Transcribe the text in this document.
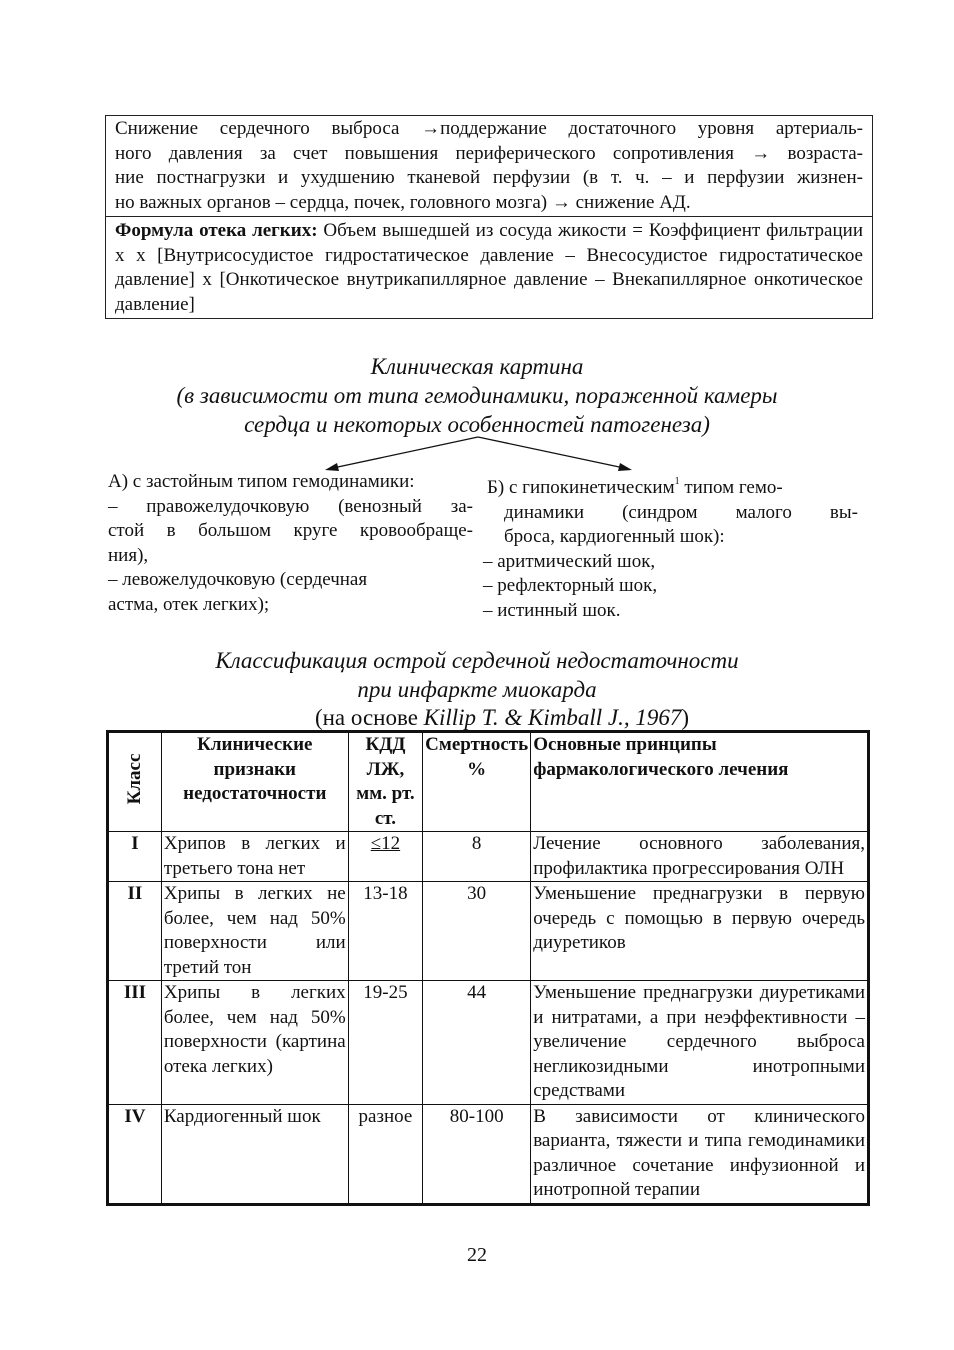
Снижение сердечного выброса →поддержание достаточного уровня артериаль-

ного давления за счет повышения периферического сопротивления → возраста-

ние постнагрузки и ухудшению тканевой перфузии (в т. ч. – и перфузии жизнен-

но важных органов – сердца, почек, головного мозга) → снижение АД.

Формула отека легких: Объем вышедшей из сосуда жикости = Коэффициент фильтрации х х [Внутрисосудистое гидростатическое давление – Внесосудистое гидростатическое давление] х [Онкотическое внутрикапиллярное давление – Внекапиллярное онкотическое давление]

Клиническая картина
(в зависимости от типа гемодинамики, пораженной камеры
сердца и некоторых особенностей патогенеза)
А) с застойным типом гемодинамики:
– правожелудочковую (венозный за-
стой в большом круге кровообраще-
ния),
– левожелудочковую (сердечная
астма, отек легких);
Б) с гипокинетическим$^1$ типом гемо-
динамики (синдром малого вы-
броса, кардиогенный шок):
– аритмический шок,
– рефлекторный шок,
– истинный шок.
Классификация острой сердечной недостаточности
при инфаркте миокарда
(на основе Killip T. & Kimball J., 1967)
Класс	Клинические признаки недостаточности	КДД ЛЖ, мм. рт. ст.	Смертность %	Основные принципы фармакологического лечения
I	Хрипов в легких и третьего тона нет	≤12	8	Лечение основного заболевания, профилактика прогрессирования ОЛН
II	Хрипы в легких не более, чем над 50% поверхности или третий тон	13-18	30	Уменьшение преднагрузки в первую очередь с помощью в первую очередь диуретиков
III	Хрипы в легких более, чем над 50% поверхности (картина отека легких)	19-25	44	Уменьшение преднагрузки диуретиками и нитратами, а при неэффективности – увеличение сердечного выброса негликозидными инотропными средствами
IV	Кардиогенный шок	разное	80-100	В зависимости от клинического варианта, тяжести и типа гемодинамики различное сочетание инфузионной и инотропной терапии
22
